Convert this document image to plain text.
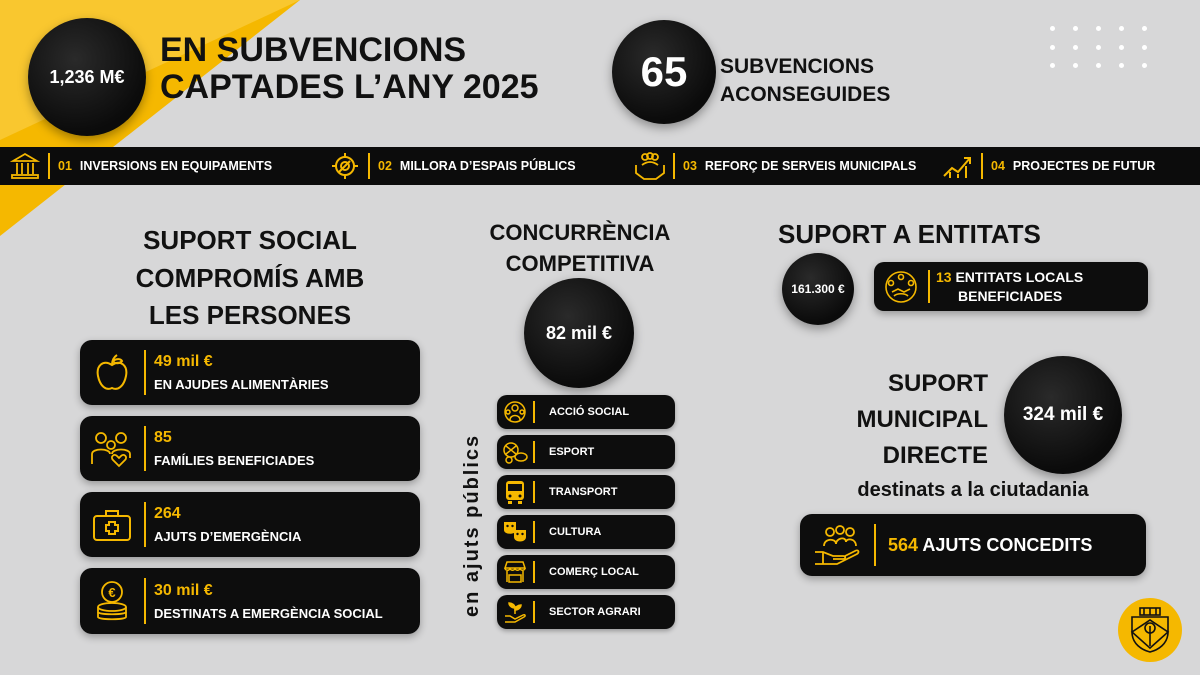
1,236 M€
EN SUBVENCIONS
CAPTADES L’ANY 2025 65 SUBVENCIONS
ACONSEGUIDES
01 INVERSIONS EN EQUIPAMENTS	02 MILLORA D’ESPAIS PÚBLICS	03 REFORÇ DE SERVEIS MUNICIPALS	04 PROJECTES DE FUTUR
SUPORT SOCIAL
COMPROMÍS AMB
LES PERSONES
49 mil €
EN AJUDES ALIMENTÀRIES
85
FAMÍLIES BENEFICIADES
264
AJUTS D’EMERGÈNCIA
€ 30 mil €
DESTINATS A EMERGÈNCIA SOCIAL
CONCURRÈNCIA
COMPETITIVA
82 mil €
en ajuts públics
ACCIÓ SOCIAL
ESPORT
TRANSPORT
CULTURA
COMERÇ LOCAL
SECTOR AGRARI
SUPORT A ENTITATS
161.300 €
13 ENTITATS LOCALS
BENEFICIADES
SUPORT
MUNICIPAL
DIRECTE
324 mil €
destinats a la ciutadania
564 AJUTS CONCEDITS
